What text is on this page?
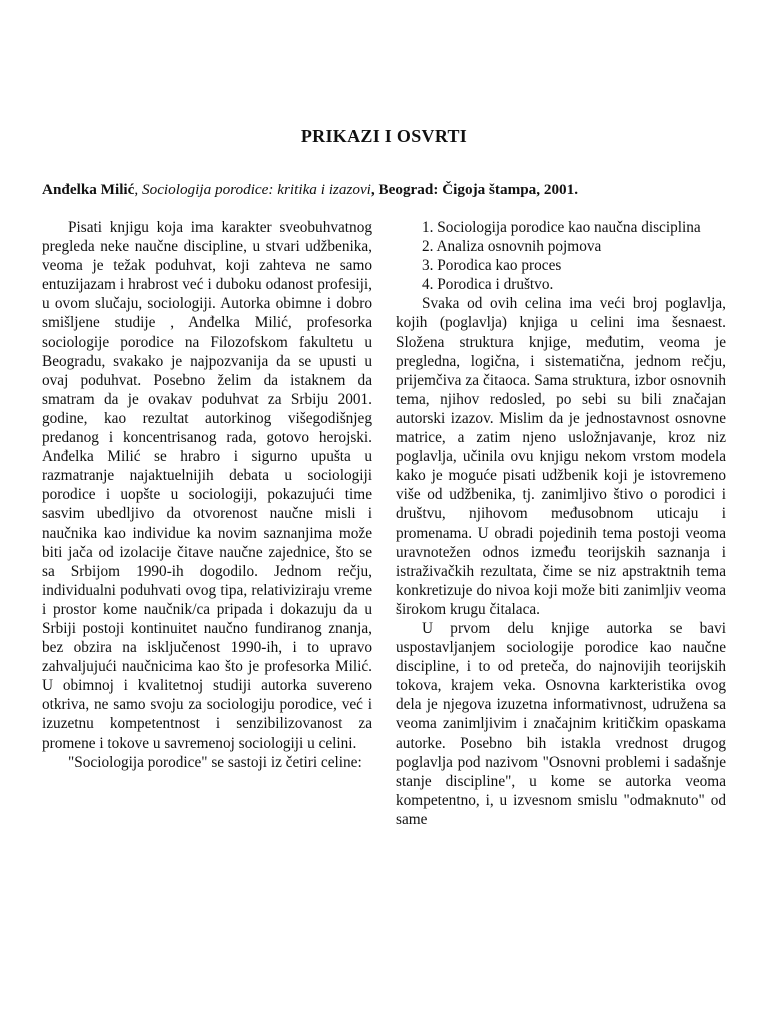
PRIKAZI I OSVRTI
Anđelka Milić, Sociologija porodice: kritika i izazovi, Beograd: Čigoja štampa, 2001.

Pisati knjigu koja ima karakter sveobuhvatnog pregleda neke naučne discipline, u stvari udžbenika, veoma je težak poduhvat, koji zahteva ne samo entuzijazam i hrabrost već i duboku odanost profesiji, u ovom slučaju, sociologiji. Autorka obimne i dobro smišljene studije , Anđelka Milić, profesorka sociologije porodice na Filozofskom fakultetu u Beogradu, svakako je najpozvanija da se upusti u ovaj poduhvat. Posebno želim da istaknem da smatram da je ovakav poduhvat za Srbiju 2001. godine, kao rezultat autorkinog višegodišnjeg predanog i koncentrisanog rada, gotovo herojski. Anđelka Milić se hrabro i sigurno upušta u razmatranje najaktuelnijih debata u sociologiji porodice i uopšte u sociologiji, pokazujući time sasvim ubedljivo da otvorenost naučne misli i naučnika kao individue ka novim saznanjima može biti jača od izolacije čitave naučne zajednice, što se sa Srbijom 1990-ih dogodilo. Jednom rečju, individualni poduhvati ovog tipa, relativiziraju vreme i prostor kome naučnik/ca pripada i dokazuju da u Srbiji postoji kontinuitet naučno fundiranog znanja, bez obzira na isključenost 1990-ih, i to upravo zahvaljujući naučnicima kao što je profesorka Milić. U obimnoj i kvalitetnoj studiji autorka suvereno otkriva, ne samo svoju za sociologiju porodice, već i izuzetnu kompetentnost i senzibilizovanost za promene i tokove u savremenoj sociologiji u celini.

"Sociologija porodice" se sastoji iz četiri celine:

1. Sociologija porodice kao naučna disciplina

2. Analiza osnovnih pojmova

3. Porodica kao proces

4. Porodica i društvo.

Svaka od ovih celina ima veći broj poglavlja, kojih (poglavlja) knjiga u celini ima šesnaest. Složena struktura knjige, međutim, veoma je pregledna, logična, i sistematična, jednom rečju, prijemčiva za čitaoca. Sama struktura, izbor osnovnih tema, njihov redosled, po sebi su bili značajan autorski izazov. Mislim da je jednostavnost osnovne matrice, a zatim njeno usložnjavanje, kroz niz poglavlja, učinila ovu knjigu nekom vrstom modela kako je moguće pisati udžbenik koji je istovremeno više od udžbenika, tj. zanimljivo štivo o porodici i društvu, njihovom međusobnom uticaju i promenama. U obradi pojedinih tema postoji veoma uravnotežen odnos između teorijskih saznanja i istraživačkih rezultata, čime se niz apstraktnih tema konkretizuje do nivoa koji može biti zanimljiv veoma širokom krugu čitalaca.

U prvom delu knjige autorka se bavi uspostavljanjem sociologije porodice kao naučne discipline, i to od preteča, do najnovijih teorijskih tokova, krajem veka. Osnovna karkteristika ovog dela je njegova izuzetna informativnost, udružena sa veoma zanimljivim i značajnim kritičkim opaskama autorke. Posebno bih istakla vrednost drugog poglavlja pod nazivom "Osnovni problemi i sadašnje stanje discipline", u kome se autorka veoma kompetentno, i, u izvesnom smislu "odmaknuto" od same
